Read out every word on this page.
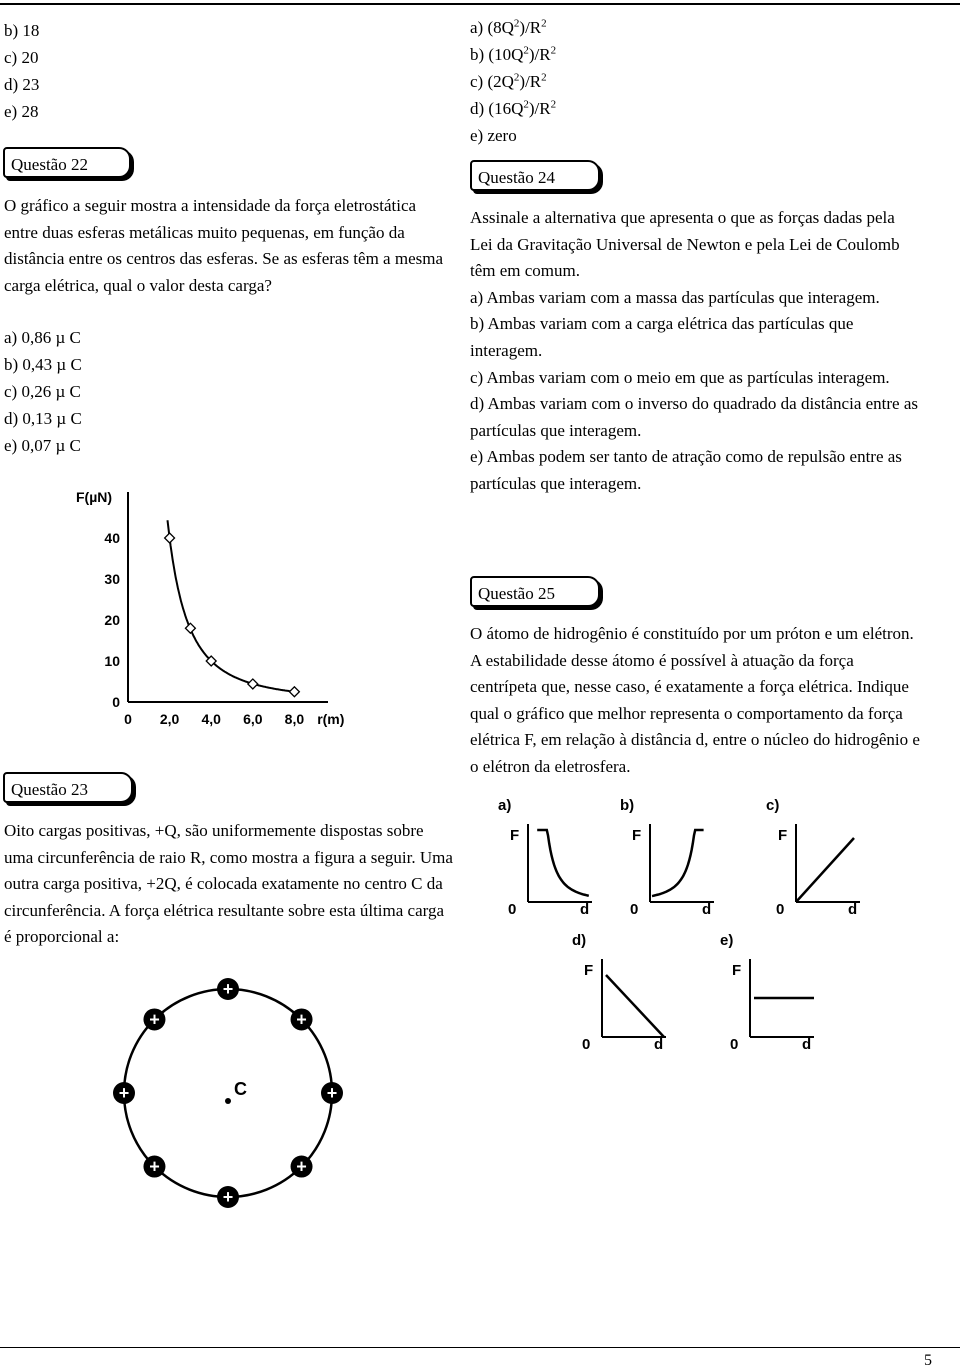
b) 18
c) 20
d) 23
e) 28
Questão 22

O gráfico a seguir mostra a intensidade da força eletrostática entre duas esferas metálicas muito pequenas, em função da distância entre os centros das esferas. Se as esferas têm a mesma carga elétrica, qual o valor desta carga?

a) 0,86 µ C
b) 0,43 µ C
c) 0,26 µ C
d) 0,13 µ C
e) 0,07 µ C
F(µN)
r(m)
0
10
20
30
40
0 2,0 4,0 6,0 8,0
Questão 23

Oito cargas positivas, +Q, são uniformemente dispostas sobre uma circunferência de raio R, como mostra a figura a seguir. Uma outra carga positiva, +2Q, é colocada exatamente no centro C da circunferência. A força elétrica resultante sobre esta última carga é proporcional a:

C
+
+
+
+
+
+
+
+
a) $(8Q^2)/R^2$
b) $(10Q^2)/R^2$
c) $(2Q^2)/R^2$
d) $(16Q^2)/R^2$
e) zero
Questão 24

Assinale a alternativa que apresenta o que as forças dadas pela Lei da Gravitação Universal de Newton e pela Lei de Coulomb têm em comum.

a) Ambas variam com a massa das partículas que interagem.

b) Ambas variam com a carga elétrica das partículas que interagem.

c) Ambas variam com o meio em que as partículas interagem.

d) Ambas variam com o inverso do quadrado da distância entre as partículas que interagem.

e) Ambas podem ser tanto de atração como de repulsão entre as partículas que interagem.

Questão 25

O átomo de hidrogênio é constituído por um próton e um elétron. A estabilidade desse átomo é possível à atuação da força centrípeta que, nesse caso, é exatamente a força elétrica. Indique qual o gráfico que melhor representa o comportamento da força elétrica F, em relação à distância d, entre o núcleo do hidrogênio e o elétron da eletrosfera.

a)
F
0	d
b)
F
0	d
c)
F
0	d
d)
F
0	d
e)
F
0	d
5
